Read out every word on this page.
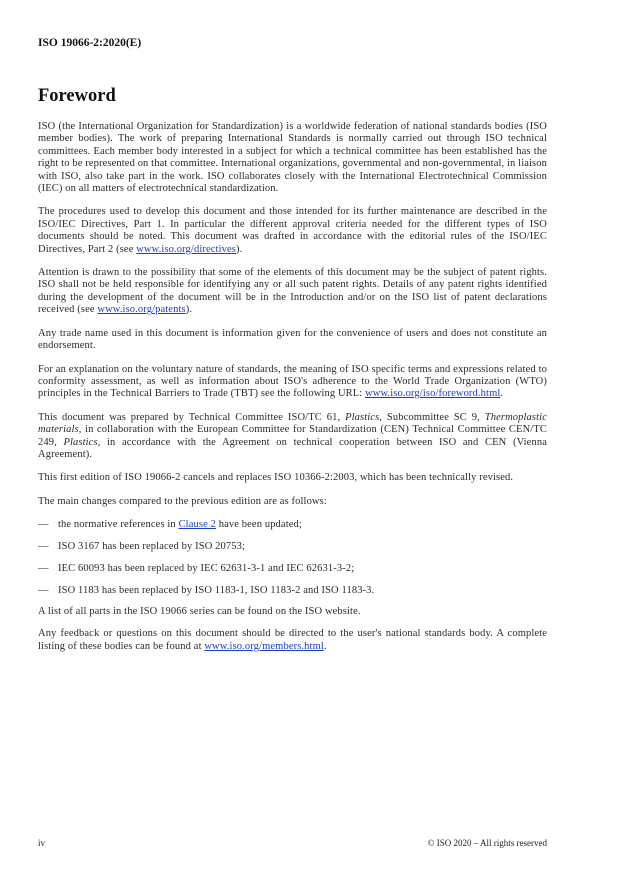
ISO 19066-2:2020(E)
Foreword

ISO (the International Organization for Standardization) is a worldwide federation of national standards bodies (ISO member bodies). The work of preparing International Standards is normally carried out through ISO technical committees. Each member body interested in a subject for which a technical committee has been established has the right to be represented on that committee. International organizations, governmental and non-governmental, in liaison with ISO, also take part in the work. ISO collaborates closely with the International Electrotechnical Commission (IEC) on all matters of electrotechnical standardization.

The procedures used to develop this document and those intended for its further maintenance are described in the ISO/IEC Directives, Part 1. In particular the different approval criteria needed for the different types of ISO documents should be noted. This document was drafted in accordance with the editorial rules of the ISO/IEC Directives, Part 2 (see www.iso.org/directives).

Attention is drawn to the possibility that some of the elements of this document may be the subject of patent rights. ISO shall not be held responsible for identifying any or all such patent rights. Details of any patent rights identified during the development of the document will be in the Introduction and/or on the ISO list of patent declarations received (see www.iso.org/patents).

Any trade name used in this document is information given for the convenience of users and does not constitute an endorsement.

For an explanation on the voluntary nature of standards, the meaning of ISO specific terms and expressions related to conformity assessment, as well as information about ISO's adherence to the World Trade Organization (WTO) principles in the Technical Barriers to Trade (TBT) see the following URL: www.iso.org/iso/foreword.html.

This document was prepared by Technical Committee ISO/TC 61, Plastics, Subcommittee SC 9, Thermoplastic materials, in collaboration with the European Committee for Standardization (CEN) Technical Committee CEN/TC 249, Plastics, in accordance with the Agreement on technical cooperation between ISO and CEN (Vienna Agreement).

This first edition of ISO 19066-2 cancels and replaces ISO 10366-2:2003, which has been technically revised.

The main changes compared to the previous edition are as follows:

— the normative references in Clause 2 have been updated;
— ISO 3167 has been replaced by ISO 20753;
— IEC 60093 has been replaced by IEC 62631-3-1 and IEC 62631-3-2;
— ISO 1183 has been replaced by ISO 1183-1, ISO 1183-2 and ISO 1183-3.

A list of all parts in the ISO 19066 series can be found on the ISO website.

Any feedback or questions on this document should be directed to the user's national standards body. A complete listing of these bodies can be found at www.iso.org/members.html.

iv	© ISO 2020 – All rights reserved
